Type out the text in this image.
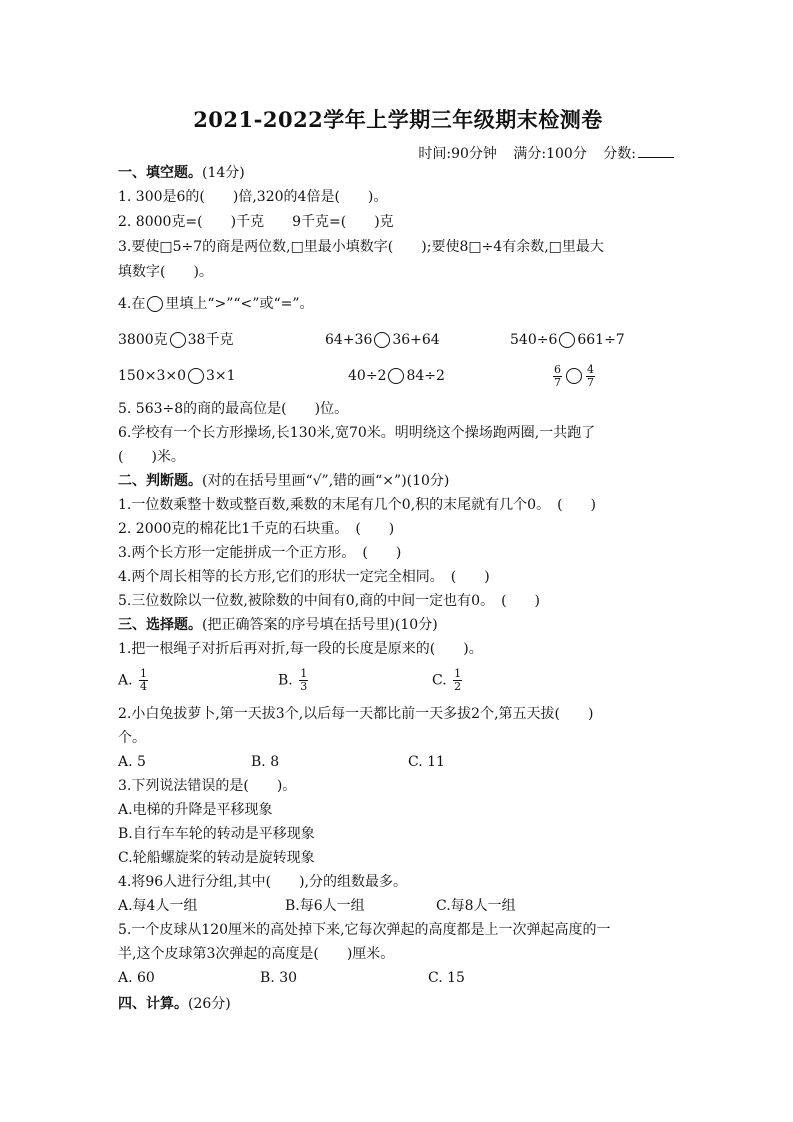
2021-2022学年上学期三年级期末检测卷
时间:90分钟 满分:100分 分数:
一、填空题。(14分)
1. 300是6的(　　)倍,320的4倍是(　　)。
2. 8000克=(　　)千克　　9千克=(　　)克
3.要使□5÷7的商是两位数,□里最小填数字(　　);要使8□÷4有余数,□里最大
填数字(　　)。
4.在 里填上“>”“<”或“=”。
3800克 38千克	64+36 36+64	540÷6 661÷7
150×3×0 3×1	40÷2 84÷2	$\frac{6}{7} \frac{4}{7}$
5. 563÷8的商的最高位是(　　)位。
6.学校有一个长方形操场,长130米,宽70米。明明绕这个操场跑两圈,一共跑了
(　　)米。
二、判断题。(对的在括号里画“√”,错的画“×”)(10分)
1.一位数乘整十数或整百数,乘数的末尾有几个0,积的末尾就有几个0。　(　　)
2. 2000克的棉花比1千克的石块重。　(　　)
3.两个长方形一定能拼成一个正方形。　(　　)
4.两个周长相等的长方形,它们的形状一定完全相同。　(　　)
5.三位数除以一位数,被除数的中间有0,商的中间一定也有0。　(　　)
三、选择题。(把正确答案的序号填在括号里)(10分)
1.把一根绳子对折后再对折,每一段的长度是原来的(　　)。
A. $\frac{1}{4}$	B. $\frac{1}{3}$	C. $\frac{1}{2}$
2.小白兔拔萝卜,第一天拔3个,以后每一天都比前一天多拔2个,第五天拔(　　)
个。
A. 5	B. 8	C. 11
3.下列说法错误的是(　　)。
A.电梯的升降是平移现象
B.自行车车轮的转动是平移现象
C.轮船螺旋桨的转动是旋转现象
4.将96人进行分组,其中(　　),分的组数最多。
A.每4人一组	B.每6人一组	C.每8人一组
5.一个皮球从120厘米的高处掉下来,它每次弹起的高度都是上一次弹起高度的一
半,这个皮球第3次弹起的高度是(　　)厘米。
A. 60	B. 30	C. 15
四、计算。(26分)
